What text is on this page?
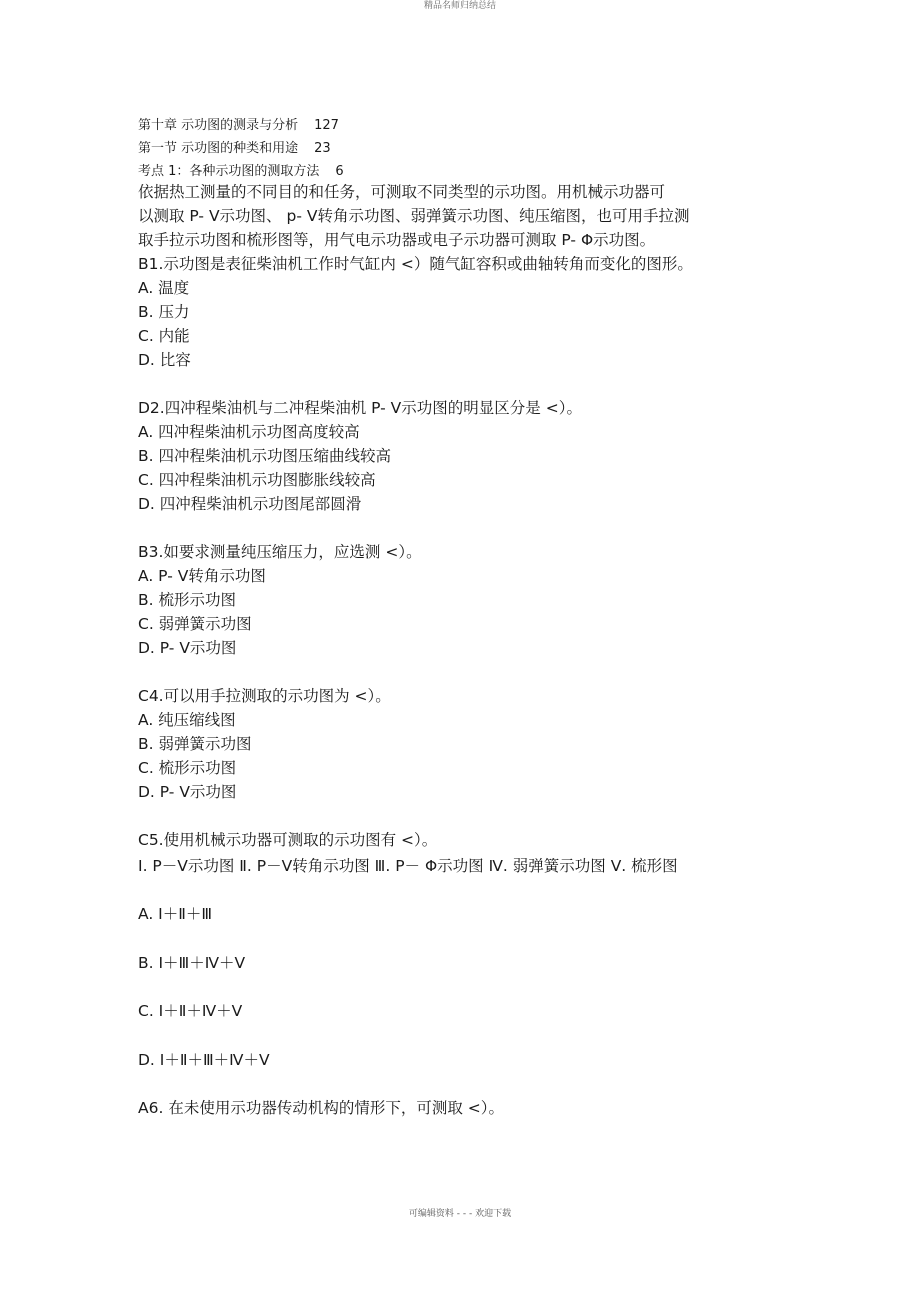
精品名师归纳总结
第十章 示功图的测录与分析 127
第一节 示功图的种类和用途 23
考点 1：各种示功图的测取方法 6
依据热工测量的不同目的和任务，可测取不同类型的示功图。用机械示功器可
以测取 P- V示功图、 p- V转角示功图、弱弹簧示功图、纯压缩图，也可用手拉测
取手拉示功图和梳形图等，用气电示功器或电子示功器可测取 P- Φ示功图。
B1.示功图是表征柴油机工作时气缸内 <）随气缸容积或曲轴转角而变化的图形。
A. 温度
B. 压力
C. 内能
D. 比容
D2.四冲程柴油机与二冲程柴油机 P- V示功图的明显区分是 <）。
A. 四冲程柴油机示功图高度较高
B. 四冲程柴油机示功图压缩曲线较高
C. 四冲程柴油机示功图膨胀线较高
D. 四冲程柴油机示功图尾部圆滑
B3.如要求测量纯压缩压力，应选测 <）。
A. P- V转角示功图
B. 梳形示功图
C. 弱弹簧示功图
D. P- V示功图
C4.可以用手拉测取的示功图为 <）。
A. 纯压缩线图
B. 弱弹簧示功图
C. 梳形示功图
D. P- V示功图
C5.使用机械示功器可测取的示功图有 <）。
Ⅰ. P－V示功图 Ⅱ. P－V转角示功图 Ⅲ. P－ Φ示功图 Ⅳ. 弱弹簧示功图 Ⅴ. 梳形图
A. Ⅰ＋Ⅱ＋Ⅲ
B. Ⅰ＋Ⅲ＋Ⅳ＋Ⅴ
C. Ⅰ＋Ⅱ＋Ⅳ＋Ⅴ
D. Ⅰ＋Ⅱ＋Ⅲ＋Ⅳ＋Ⅴ
A6. 在未使用示功器传动机构的情形下，可测取 <）。
可编辑资料 - - - 欢迎下载
